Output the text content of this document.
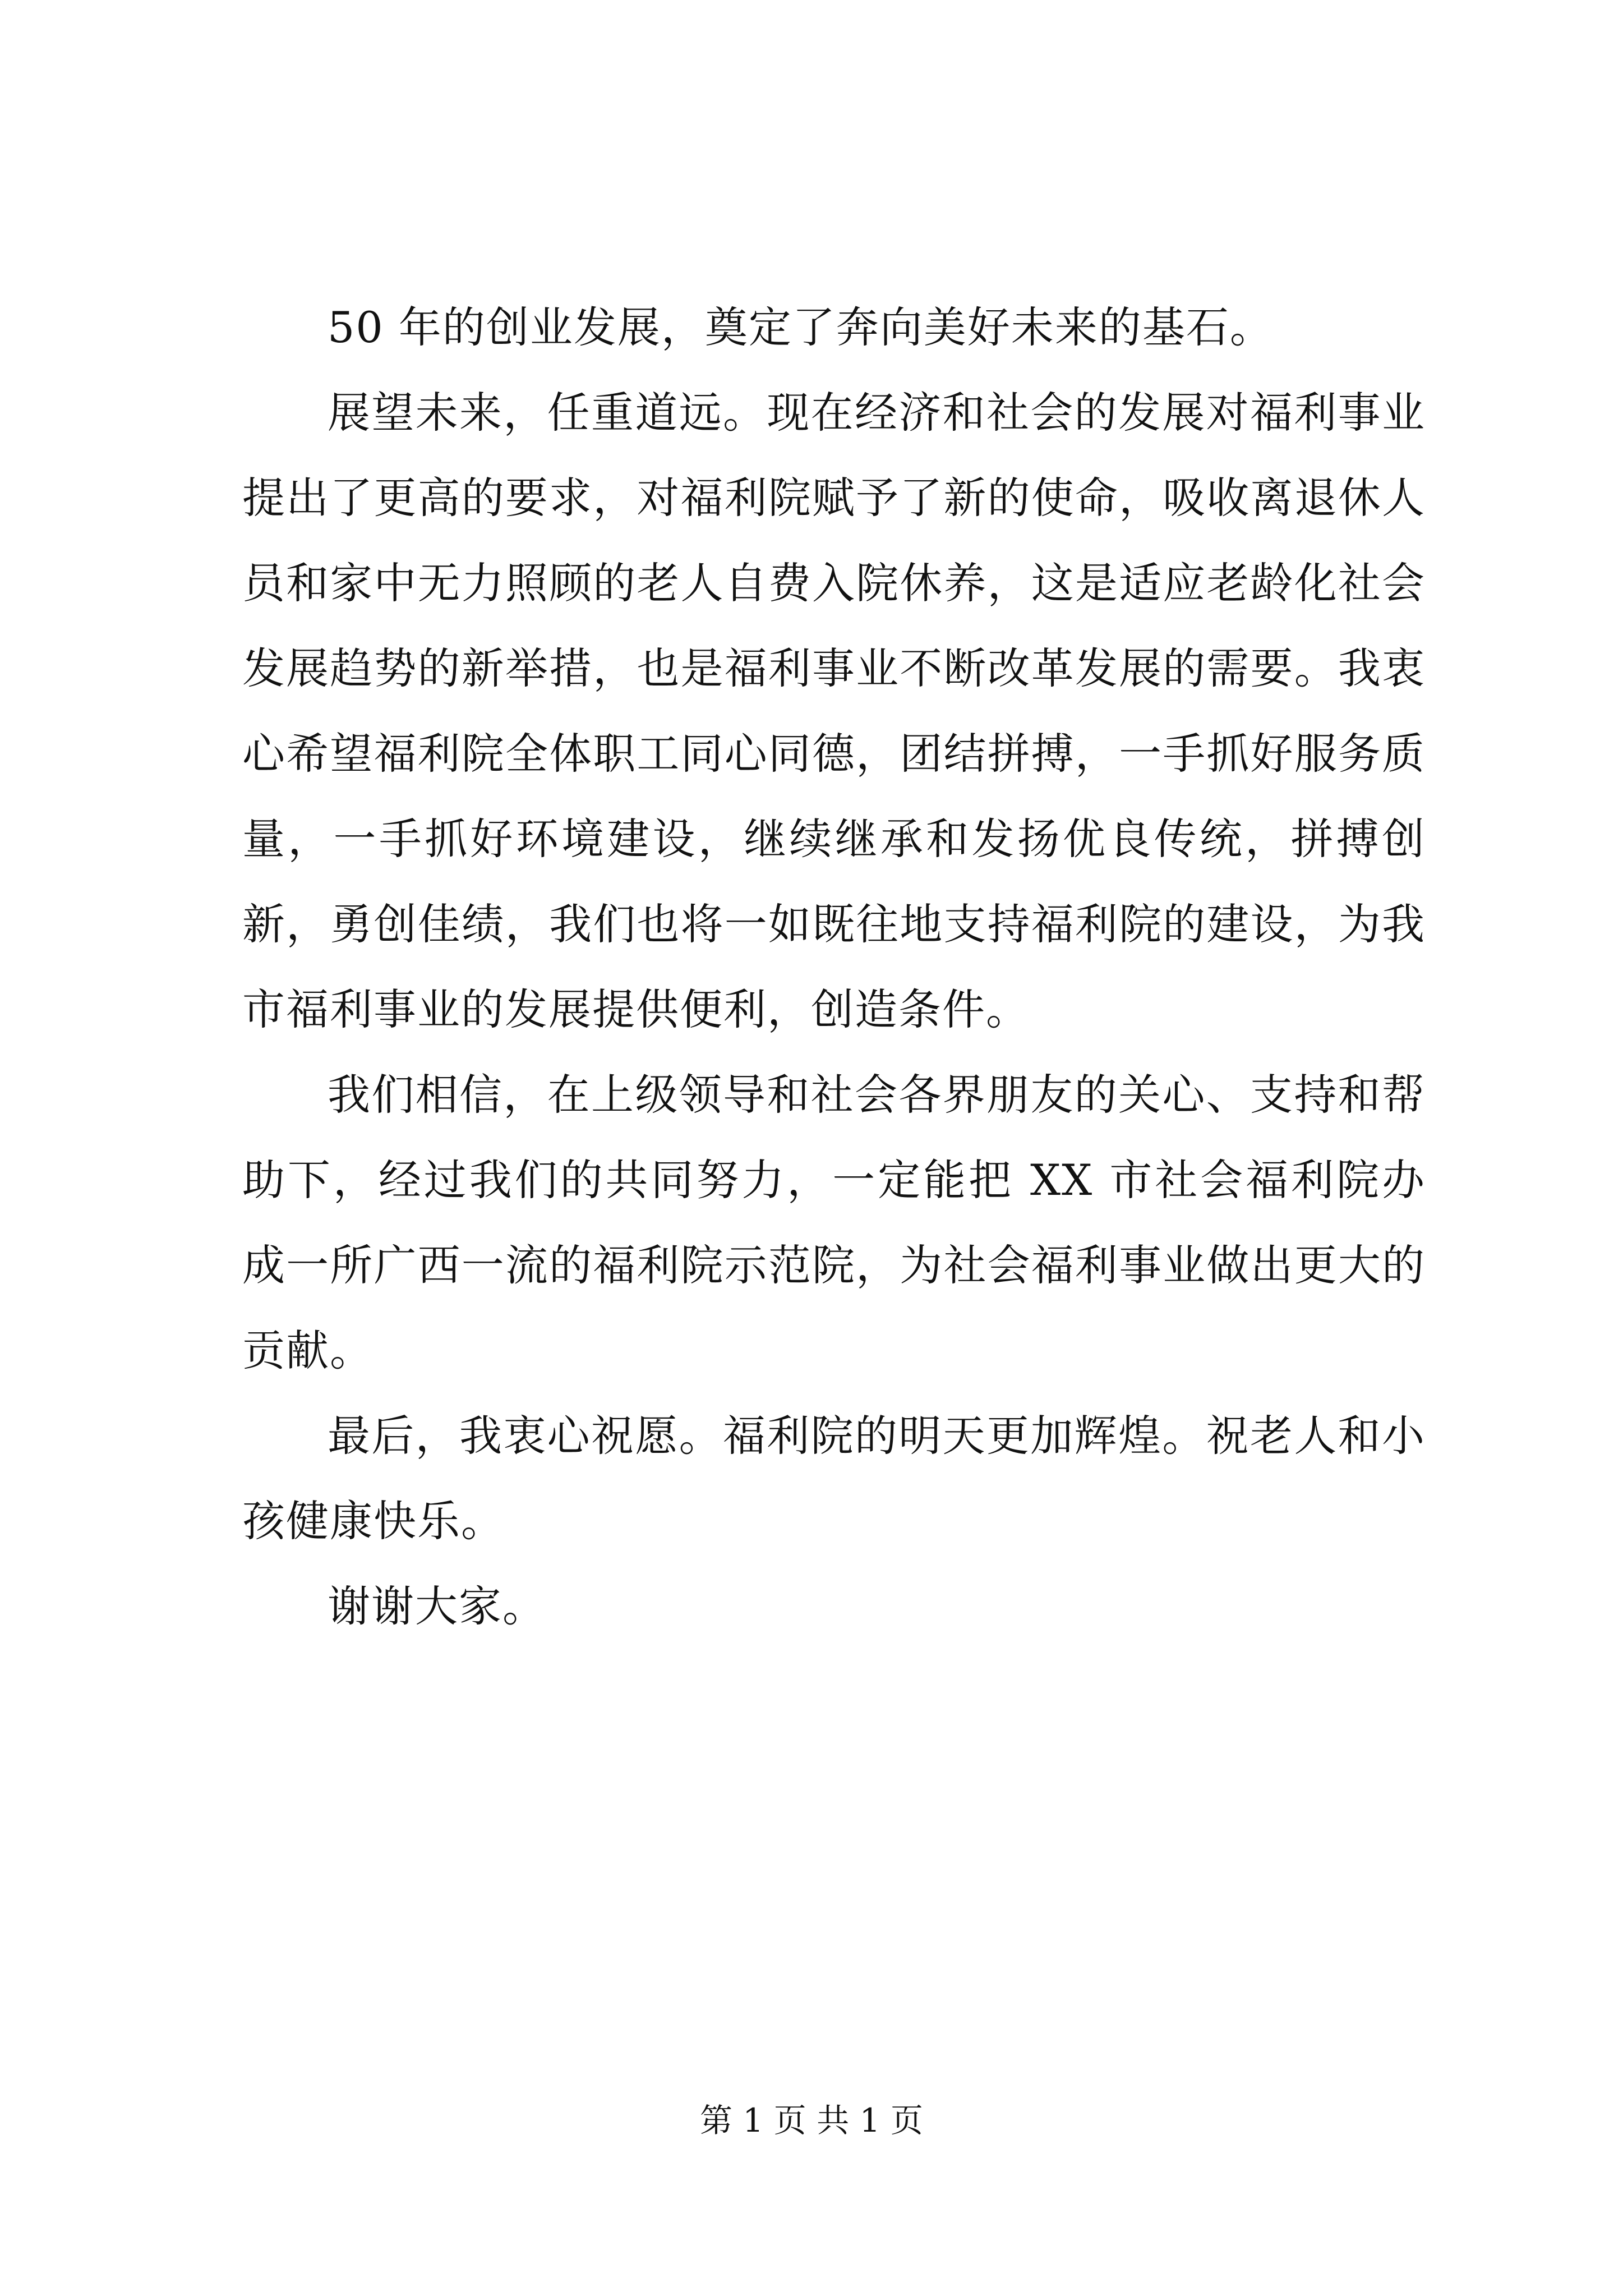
50 年的创业发展，奠定了奔向美好未来的基石。

展望未来，任重道远。现在经济和社会的发展对福利事业提出了更高的要求，对福利院赋予了新的使命，吸收离退休人员和家中无力照顾的老人自费入院休养，这是适应老龄化社会发展趋势的新举措，也是福利事业不断改革发展的需要。我衷心希望福利院全体职工同心同德，团结拼搏，一手抓好服务质量，一手抓好环境建设，继续继承和发扬优良传统，拼搏创新，勇创佳绩，我们也将一如既往地支持福利院的建设，为我市福利事业的发展提供便利，创造条件。

我们相信，在上级领导和社会各界朋友的关心、支持和帮助下，经过我们的共同努力，一定能把 XX 市社会福利院办成一所广西一流的福利院示范院，为社会福利事业做出更大的贡献。

最后，我衷心祝愿。福利院的明天更加辉煌。祝老人和小孩健康快乐。

谢谢大家。

第 1 页 共 1 页
